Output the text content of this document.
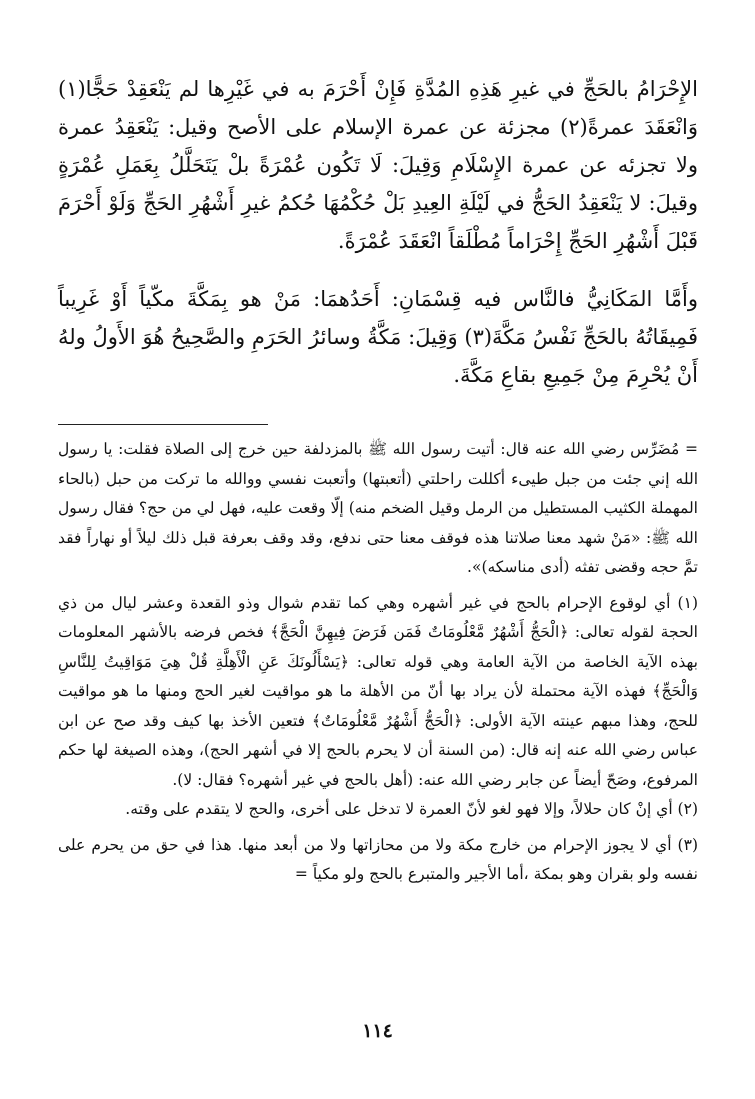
الإِحْرَامُ بالحَجِّ في غيرِ هَذِهِ المُدَّةِ فَإِنْ أَحْرَمَ به في غَيْرِها لم يَنْعَقِدْ حَجًّا(١) وَانْعَقَدَ عمرةً(٢) مجزئة عن عمرة الإسلام على الأصح وقيل: يَنْعَقِدُ عمرة ولا تجزئه عن عمرة الإِسْلَامِ وَقِيلَ: لَا تَكُون عُمْرَةً بلْ يَتَحَلَّلُ بِعَمَلِ عُمْرَةٍ وقيلَ: لا يَنْعَقِدُ الحَجُّ في لَيْلَةِ العِيدِ بَلْ حُكْمُهَا حُكمُ غيرِ أَشْهُرِ الحَجِّ وَلَوْ أَحْرَمَ قَبْلَ أَشْهُرِ الحَجِّ إِحْرَاماً مُطْلَقاً انْعَقَدَ عُمْرَةً.

وأَمَّا المَكَانِيُّ فالنَّاس فيه قِسْمَانِ: أَحَدُهمَا: مَنْ هو بِمَكَّةَ مكّياً أَوْ غَرِيباً فَمِيقَاتُهُ بالحَجِّ نَفْسُ مَكَّةَ(٣) وَقِيلَ: مَكَّةُ وسائرُ الحَرَمِ والصَّحِيحُ هُوَ الأَولُ ولهُ أَنْ يُحْرِمَ مِنْ جَمِيعِ بقاعِ مَكَّةَ.

= مُضَرِّس رضي الله عنه قال: أتيت رسول الله ﷺ بالمزدلفة حين خرج إلى الصلاة فقلت: يا رسول الله إني جئت من جبل طيىء أكللت راحلتي (أتعبتها) وأتعبت نفسي ووالله ما تركت من حبل (بالحاء المهملة الكثيب المستطيل من الرمل وقيل الضخم منه) إلّا وقعت عليه، فهل لي من حج؟ فقال رسول الله ﷺ: «مَنْ شهد معنا صلاتنا هذه فوقف معنا حتى ندفع، وقد وقف بعرفة قبل ذلك ليلاً أو نهاراً فقد تمَّ حجه وقضى تفثه (أدى مناسكه)».

(١) أي لوقوع الإحرام بالحج في غير أشهره وهي كما تقدم شوال وذو القعدة وعشر ليال من ذي الحجة لقوله تعالى: ﴿الْحَجُّ أَشْهُرٌ مَّعْلُومَاتٌ فَمَن فَرَضَ فِيهِنَّ الْحَجَّ﴾ فخص فرضه بالأشهر المعلومات بهذه الآية الخاصة من الآية العامة وهي قوله تعالى: ﴿يَسْأَلُونَكَ عَنِ الْأَهِلَّةِ قُلْ هِيَ مَوَاقِيتُ لِلنَّاسِ وَالْحَجِّ﴾ فهذه الآية محتملة لأن يراد بها أنّ من الأهلة ما هو مواقيت لغير الحج ومنها ما هو مواقيت للحج، وهذا مبهم عينته الآية الأولى: ﴿الْحَجُّ أَشْهُرٌ مَّعْلُومَاتٌ﴾ فتعين الأخذ بها كيف وقد صح عن ابن عباس رضي الله عنه إنه قال: (من السنة أن لا يحرم بالحج إلا في أشهر الحج)، وهذه الصيغة لها حكم المرفوع، وصَحّ أيضاً عن جابر رضي الله عنه: (أهل بالحج في غير أشهره؟ فقال: لا).

(٢) أي إنْ كان حلالاً، وإلا فهو لغو لأنّ العمرة لا تدخل على أخرى، والحج لا يتقدم على وقته.

(٣) أي لا يجوز الإحرام من خارج مكة ولا من محازاتها ولا من أبعد منها. هذا في حق من يحرم على نفسه ولو بقران وهو بمكة ،أما الأجير والمتبرع بالحج ولو مكياً =

١١٤
